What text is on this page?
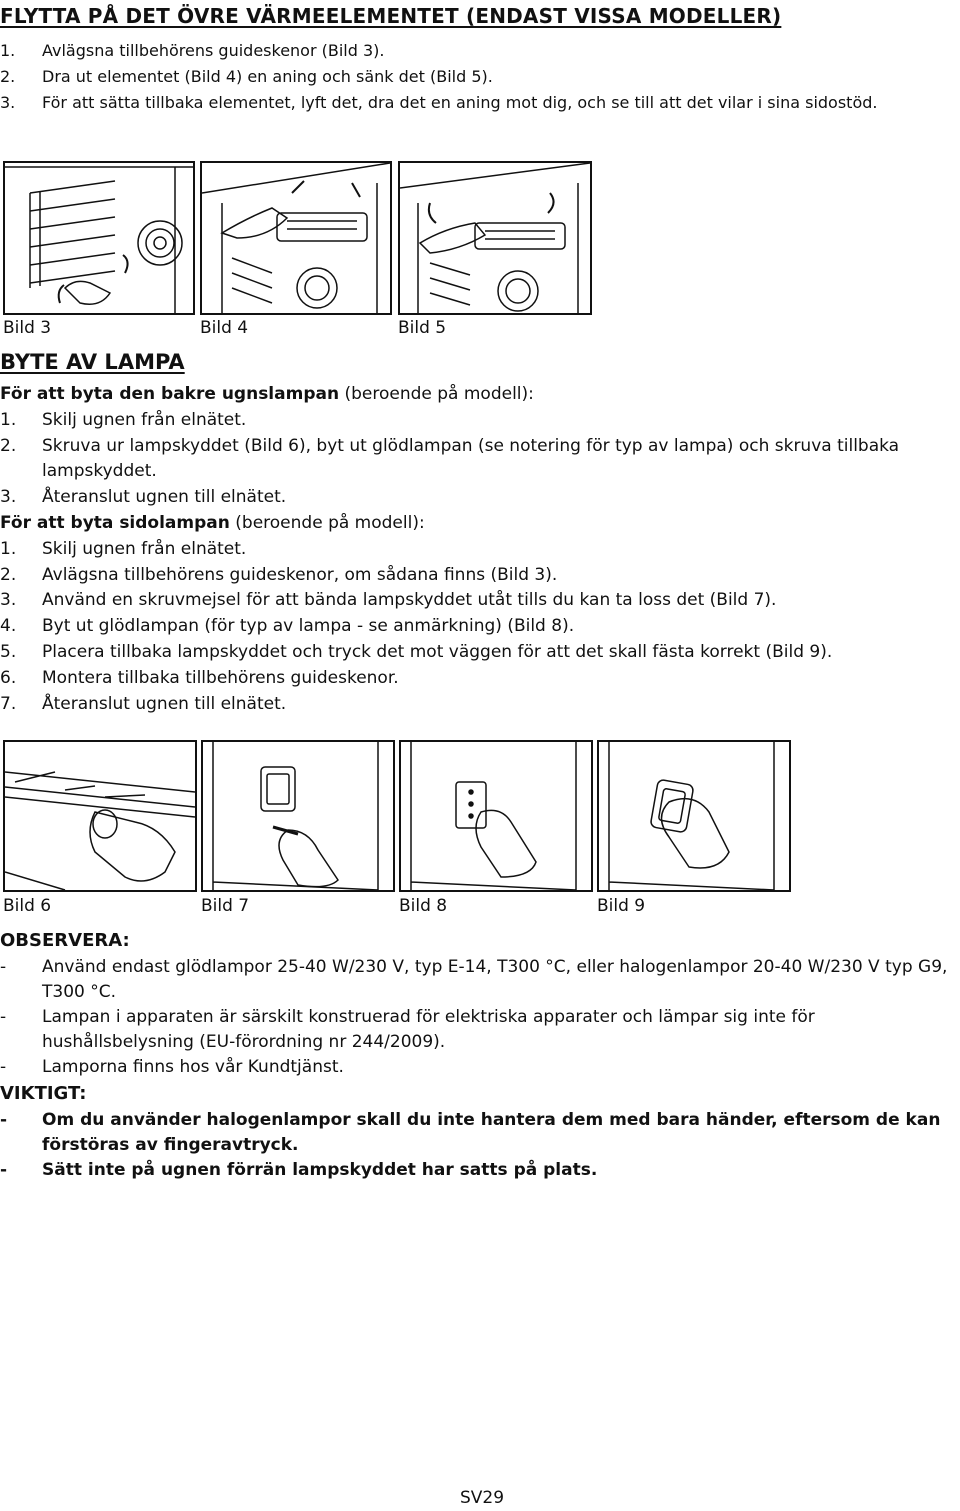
FLYTTA PÅ DET ÖVRE VÄRMEELEMENTET (ENDAST VISSA MODELLER)
1.	Avlägsna tillbehörens guideskenor (Bild 3).
2.	Dra ut elementet (Bild 4) en aning och sänk det (Bild 5).
3.	För att sätta tillbaka elementet, lyft det, dra det en aning mot dig, och se till att det vilar i sina sidostöd.
Bild 3	Bild 4	Bild 5
BYTE AV LAMPA
För att byta den bakre ugnslampan (beroende på modell):
1.	Skilj ugnen från elnätet.
2.	Skruva ur lampskyddet (Bild 6), byt ut glödlampan (se notering för typ av lampa) och skruva tillbaka lampskyddet.
3.	Återanslut ugnen till elnätet.
För att byta sidolampan (beroende på modell):
1.	Skilj ugnen från elnätet.
2.	Avlägsna tillbehörens guideskenor, om sådana finns (Bild 3).
3.	Använd en skruvmejsel för att bända lampskyddet utåt tills du kan ta loss det (Bild 7).
4.	Byt ut glödlampan (för typ av lampa - se anmärkning) (Bild 8).
5.	Placera tillbaka lampskyddet och tryck det mot väggen för att det skall fästa korrekt (Bild 9).
6.	Montera tillbaka tillbehörens guideskenor.
7.	Återanslut ugnen till elnätet.
Bild 6	Bild 7	Bild 8	Bild 9
OBSERVERA:
-	Använd endast glödlampor 25-40 W/230 V, typ E-14, T300 °C, eller halogenlampor 20-40 W/230 V typ G9, T300 °C.
-	Lampan i apparaten är särskilt konstruerad för elektriska apparater och lämpar sig inte för hushållsbelysning (EU-förordning nr 244/2009).
-	Lamporna finns hos vår Kundtjänst.
VIKTIGT:
-	Om du använder halogenlampor skall du inte hantera dem med bara händer, eftersom de kan förstöras av fingeravtryck.
-	Sätt inte på ugnen förrän lampskyddet har satts på plats.
SV29
